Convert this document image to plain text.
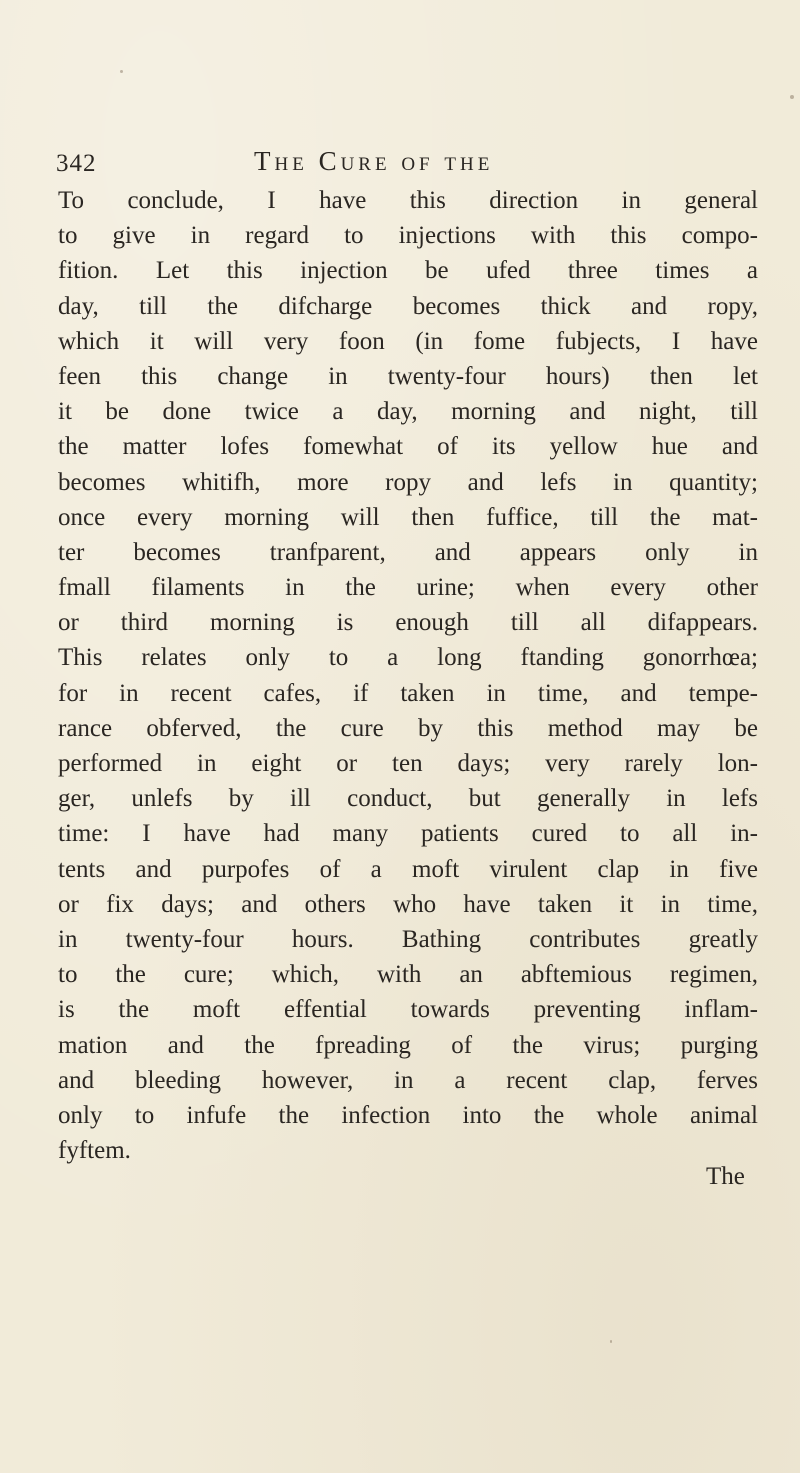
342	The Cure of the
To conclude, I have this direction in general
to give in regard to injections with this compo-
fition. Let this injection be ufed three times a
day, till the difcharge becomes thick and ropy,
which it will very foon (in fome fubjects, I have
feen this change in twenty-four hours) then let
it be done twice a day, morning and night, till
the matter lofes fomewhat of its yellow hue and
becomes whitifh, more ropy and lefs in quantity;
once every morning will then fuffice, till the mat-
ter becomes tranfparent, and appears only in
fmall filaments in the urine; when every other
or third morning is enough till all difappears.
This relates only to a long ftanding gonorrhœa;
for in recent cafes, if taken in time, and tempe-
rance obferved, the cure by this method may be
performed in eight or ten days; very rarely lon-
ger, unlefs by ill conduct, but generally in lefs
time: I have had many patients cured to all in-
tents and purpofes of a moft virulent clap in five
or fix days; and others who have taken it in time,
in twenty-four hours. Bathing contributes greatly
to the cure; which, with an abftemious regimen,
is the moft effential towards preventing inflam-
mation and the fpreading of the virus; purging
and bleeding however, in a recent clap, ferves
only to infufe the infection into the whole animal
fyftem.
The
